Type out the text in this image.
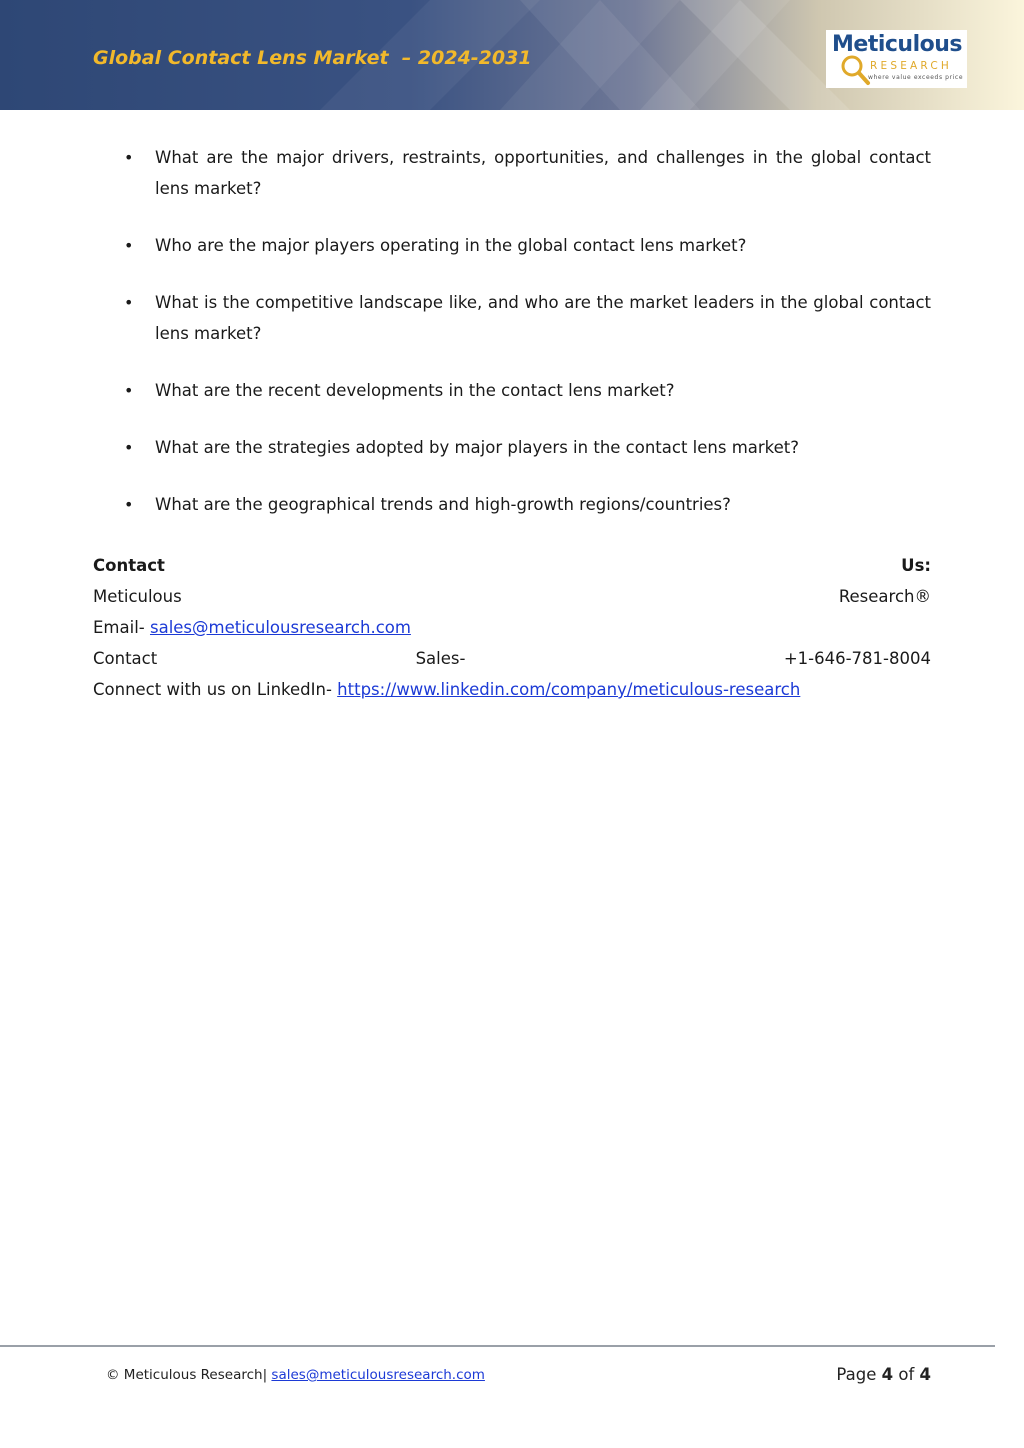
Global Contact Lens Market  – 2024-2031
Meticulous
RESEARCH
where value exceeds price
• What are the major drivers, restraints, opportunities, and challenges in the global contact lens market?
• Who are the major players operating in the global contact lens market?
• What is the competitive landscape like, and who are the market leaders in the global contact lens market?
• What are the recent developments in the contact lens market?
• What are the strategies adopted by major players in the contact lens market?
• What are the geographical trends and high-growth regions/countries?
Contact	Us:
Meticulous	Research®
Email- sales@meticulousresearch.com
Contact	Sales-	+1-646-781-8004
Connect with us on LinkedIn- https://www.linkedin.com/company/meticulous-research
© Meticulous Research| sales@meticulousresearch.com	Page 4 of 4
